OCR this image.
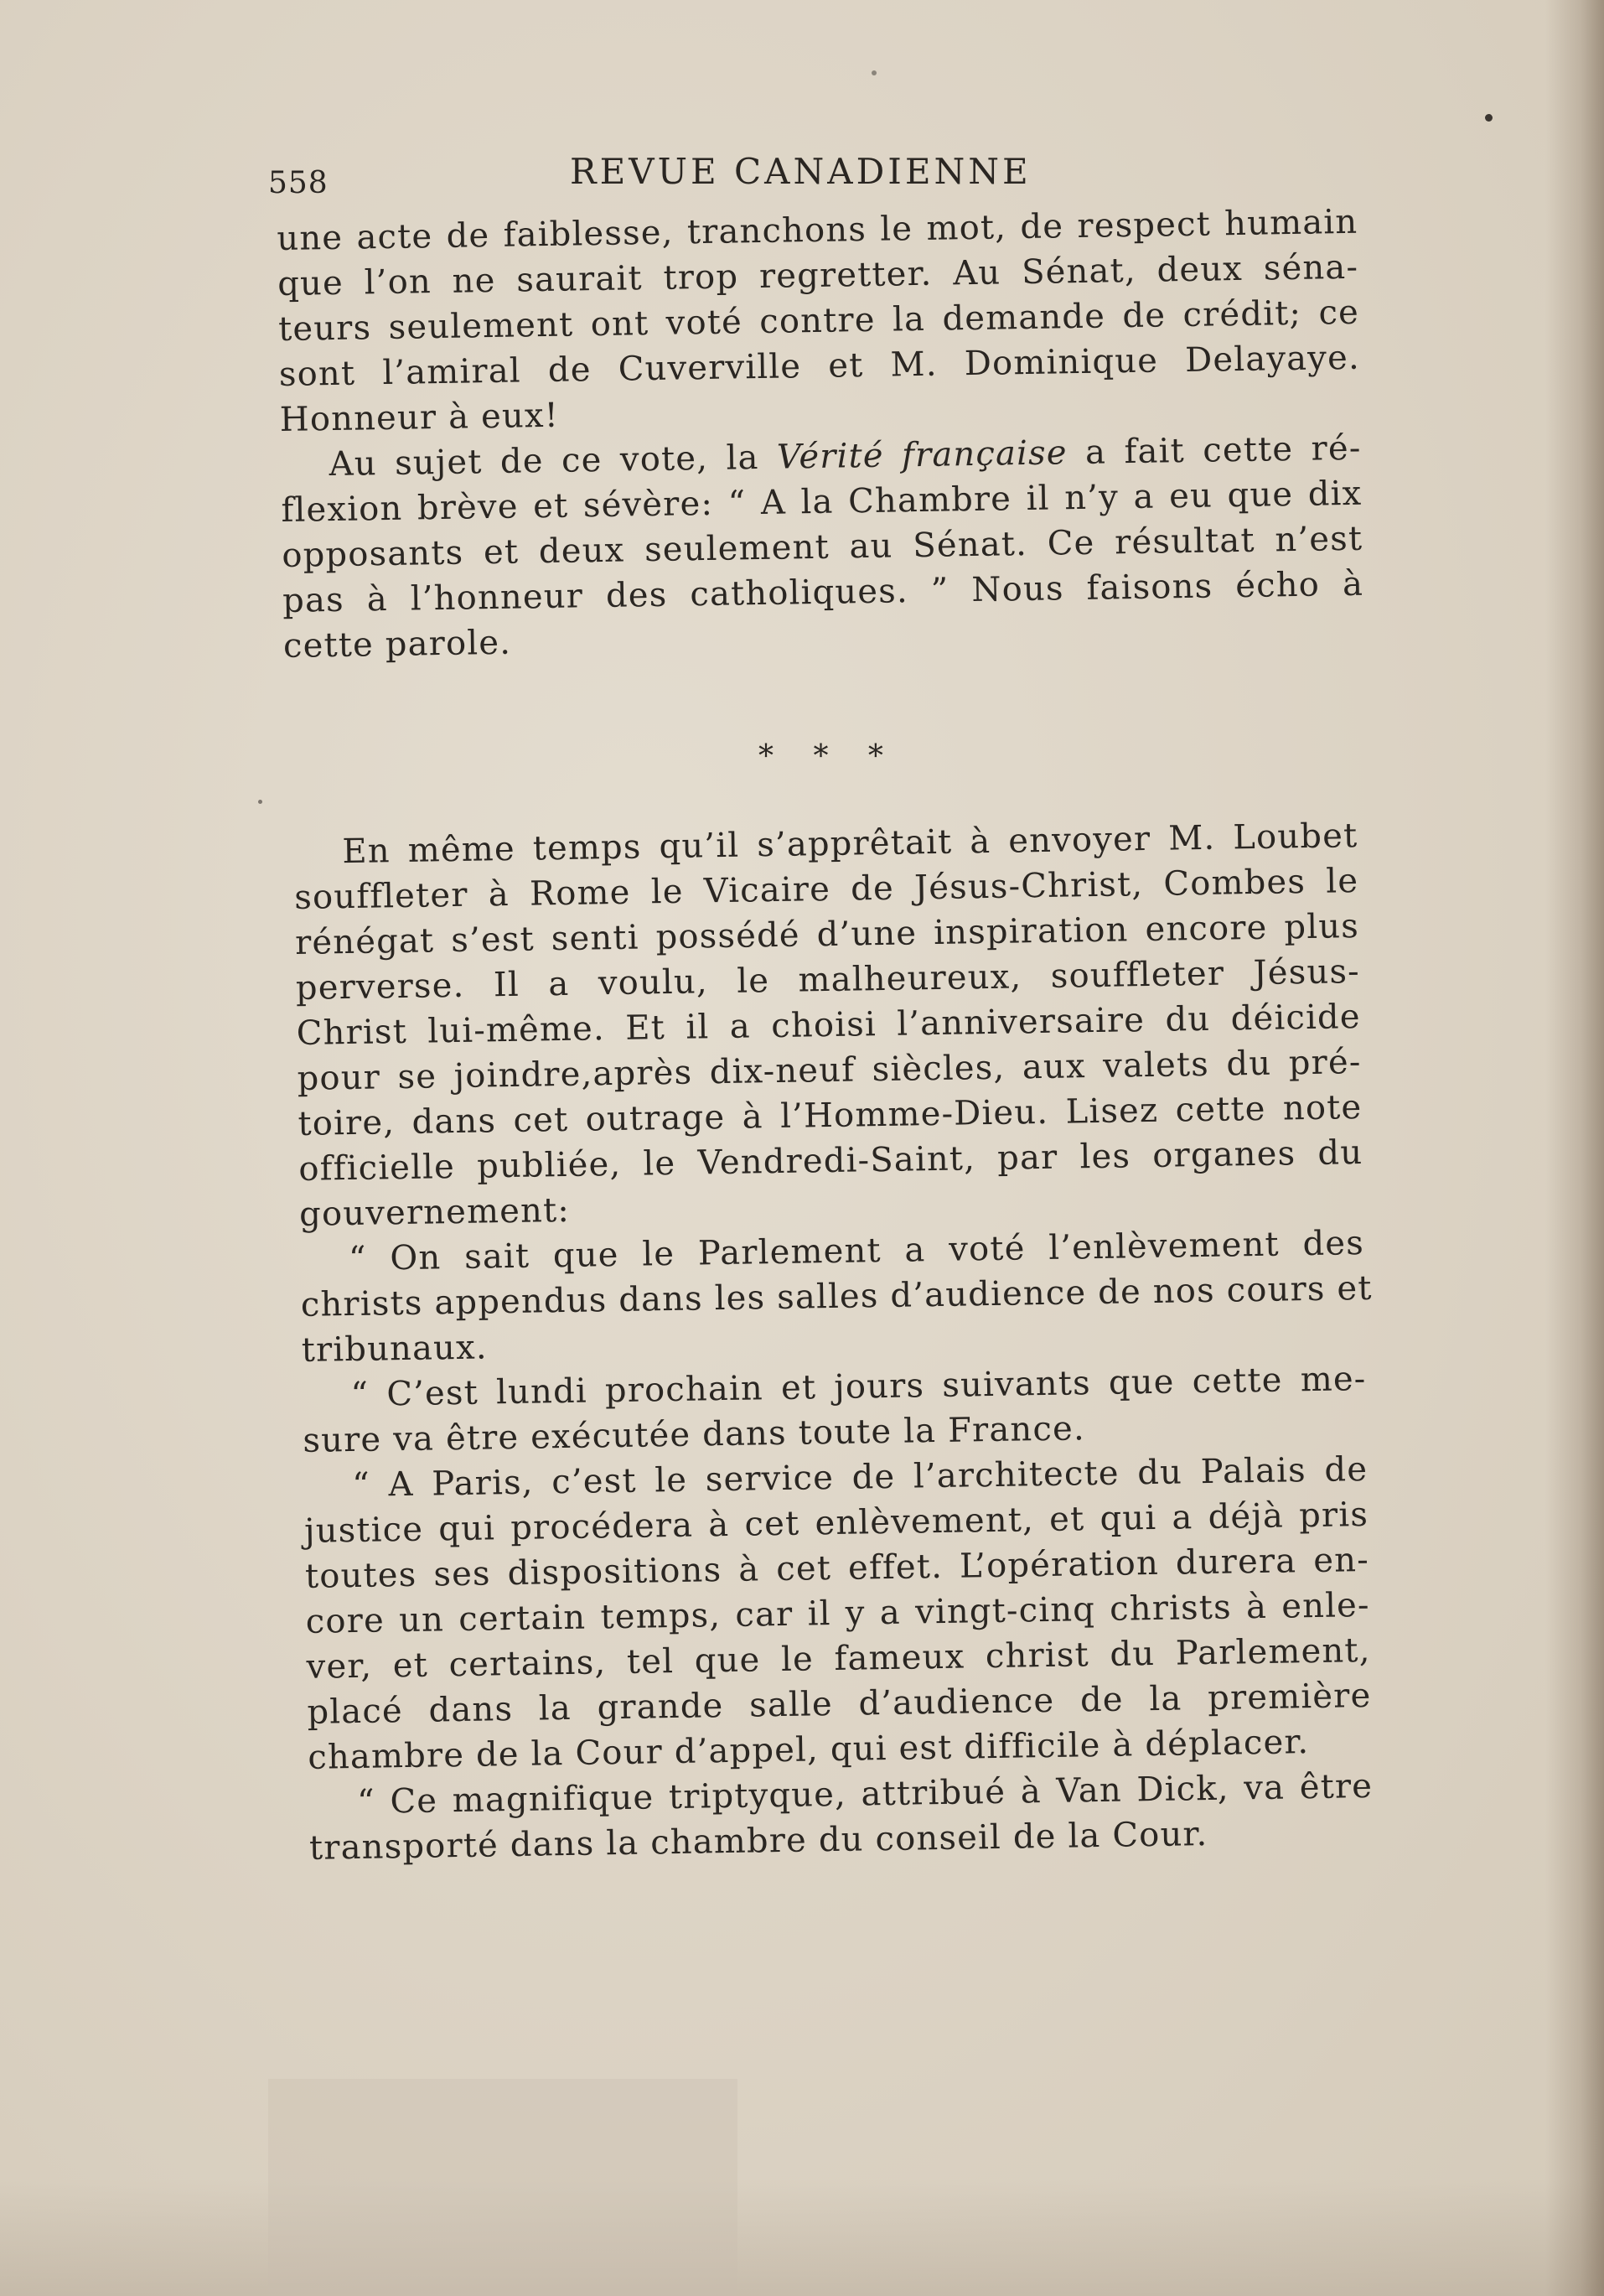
558	REVUE CANADIENNE
une acte de faiblesse, tranchons le mot, de respect humain
que l’on ne saurait trop regretter. Au Sénat, deux séna-
teurs seulement ont voté contre la demande de crédit; ce
sont l’amiral de Cuverville et M. Dominique Delayaye.
Honneur à eux!
Au sujet de ce vote, la Vérité française a fait cette ré-
flexion brève et sévère: “ A la Chambre il n’y a eu que dix
opposants et deux seulement au Sénat. Ce résultat n’est
pas à l’honneur des catholiques. ” Nous faisons écho à
cette parole.
* * *
En même temps qu’il s’apprêtait à envoyer M. Loubet
souffleter à Rome le Vicaire de Jésus-Christ, Combes le
rénégat s’est senti possédé d’une inspiration encore plus
perverse. Il a voulu, le malheureux, souffleter Jésus-
Christ lui-même. Et il a choisi l’anniversaire du déicide
pour se joindre,après dix-neuf siècles, aux valets du pré-
toire, dans cet outrage à l’Homme-Dieu. Lisez cette note
officielle publiée, le Vendredi-Saint, par les organes du
gouvernement:
“ On sait que le Parlement a voté l’enlèvement des
christs appendus dans les salles d’audience de nos cours et
tribunaux.
“ C’est lundi prochain et jours suivants que cette me-
sure va être exécutée dans toute la France.
“ A Paris, c’est le service de l’architecte du Palais de
justice qui procédera à cet enlèvement, et qui a déjà pris
toutes ses dispositions à cet effet. L’opération durera en-
core un certain temps, car il y a vingt-cinq christs à enle-
ver, et certains, tel que le fameux christ du Parlement,
placé dans la grande salle d’audience de la première
chambre de la Cour d’appel, qui est difficile à déplacer.
“ Ce magnifique triptyque, attribué à Van Dick, va être
transporté dans la chambre du conseil de la Cour.
